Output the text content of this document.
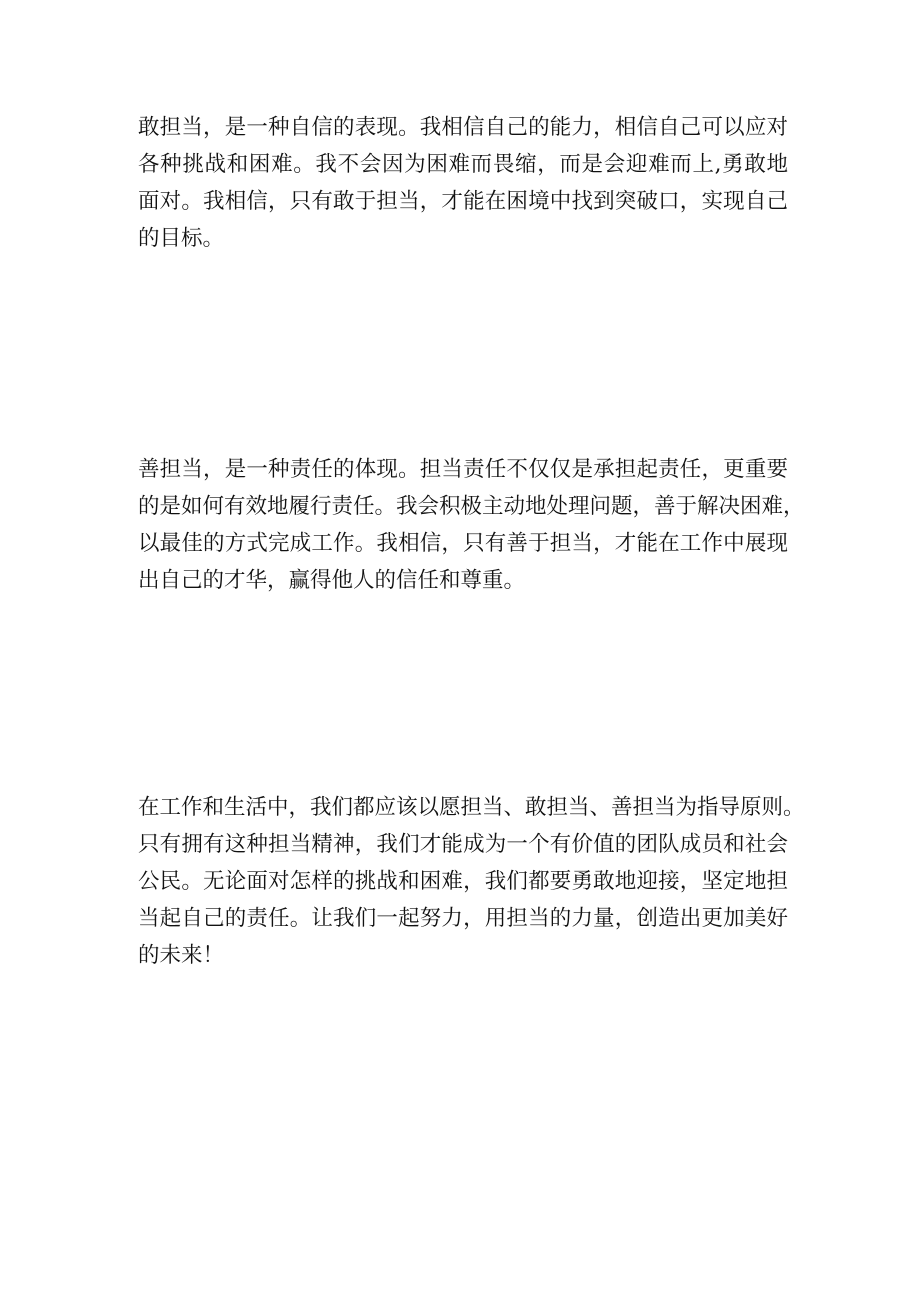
敢担当，是一种自信的表现。我相信自己的能力，相信自己可以应对
各种挑战和困难。我不会因为困难而畏缩，而是会迎难而上,勇敢地
面对。我相信，只有敢于担当，才能在困境中找到突破口，实现自己
的目标。

善担当，是一种责任的体现。担当责任不仅仅是承担起责任，更重要
的是如何有效地履行责任。我会积极主动地处理问题，善于解决困难，
以最佳的方式完成工作。我相信，只有善于担当，才能在工作中展现
出自己的才华，赢得他人的信任和尊重。

在工作和生活中，我们都应该以愿担当、敢担当、善担当为指导原则。
只有拥有这种担当精神，我们才能成为一个有价值的团队成员和社会
公民。无论面对怎样的挑战和困难，我们都要勇敢地迎接，坚定地担
当起自己的责任。让我们一起努力，用担当的力量，创造出更加美好
的未来！
